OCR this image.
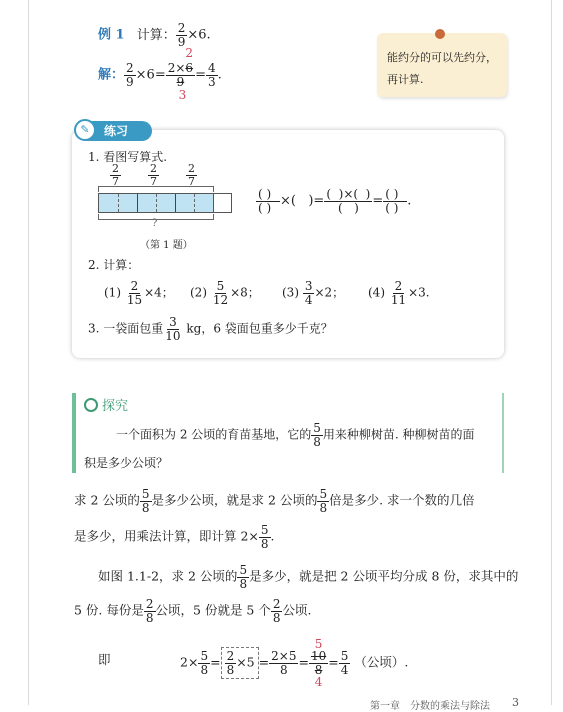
例 1 计算： $\frac{2}{9} \times 6$.
解： $\frac{2}{9} \times 6= 2\times 6$
2
9
$3 = \frac{4}{3}$ .
能约分的可以先约分，再计算.
✎	练习
1. 看图写算式.
$\frac{2}{7} \frac{2}{7} \frac{2}{7}$
?
（第 1 题）
$\frac{( )}{( )}$ ×(   )= $\frac{( )\times( )}{( )} = \frac{( )}{( )}$ .
2. 计算：
$(1) \frac{2}{15} \times 4$； $(2) \frac{5}{12} \times 8$； $(3) \frac{3}{4} \times 2$； $(4) \frac{2}{11} \times 3$.
3. 一袋面包重 $\frac{3}{10}$ kg，6 袋面包重多少千克？
探究
一个面积为 2 公顷的育苗基地，它的 $\frac{5}{8}$ 用来种柳树苗. 种柳树苗的面
积是多少公顷？
求 2 公顷的 $\frac{5}{8}$ 是多少公顷，就是求 2 公顷的 $\frac{5}{8}$ 倍是多少. 求一个数的几倍
是多少，用乘法计算，即计算 $2\times \frac{5}{8}$ .
如图 1.1-2，求 2 公顷的 $\frac{5}{8}$ 是多少，就是把 2 公顷平均分成 8 份，求其中的
5 份. 每份是 $\frac{2}{8}$ 公顷，5 份就是 5 个 $\frac{2}{8}$ 公顷.
即	$2\times \frac{5}{8} = \frac{2}{8} \times 5 = \frac{2\times 5}{8}$ =
5
$\frac{10}{8}$
4
= $\frac{5}{4}$ （公顷）.
第一章　分数的乘法与除法 3
